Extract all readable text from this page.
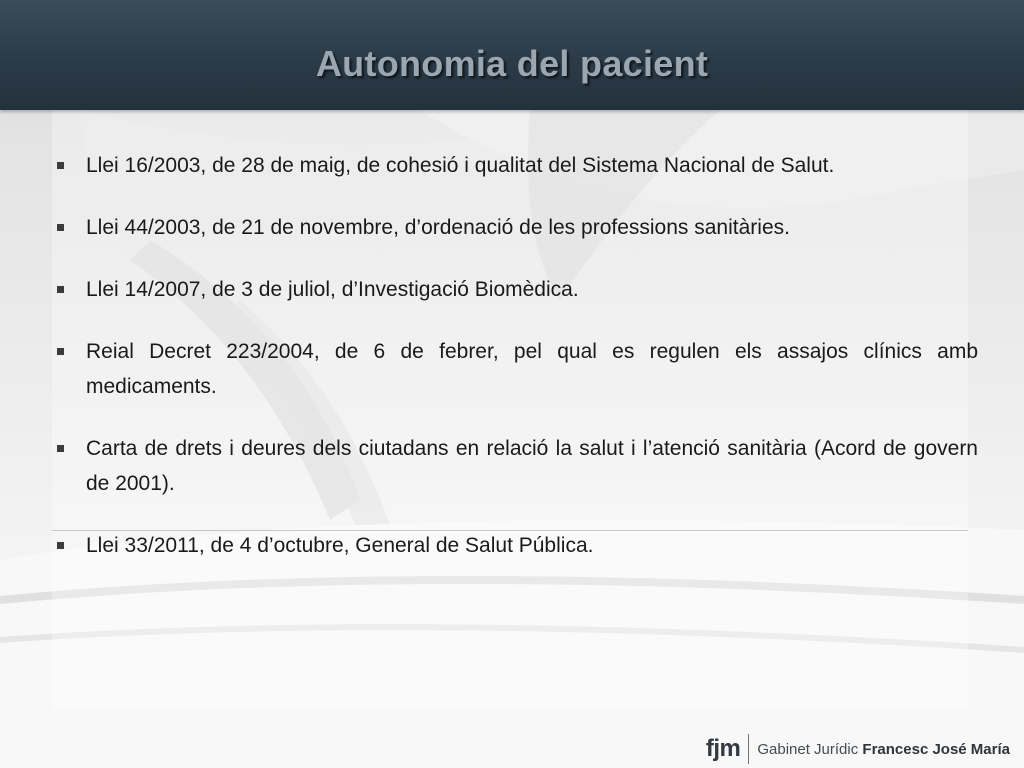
Autonomia del pacient
Llei 16/2003, de 28 de maig, de cohesió i qualitat del Sistema Nacional de Salut.
Llei 44/2003, de 21 de novembre, d’ordenació de les professions sanitàries.
Llei 14/2007, de 3 de juliol, d’Investigació Biomèdica.
Reial Decret 223/2004, de 6 de febrer, pel qual es regulen els assajos clínics amb medicaments.
Carta de drets i deures dels ciutadans en relació la salut i l’atenció sanitària (Acord de govern de 2001).
Llei 33/2011, de 4 d’octubre, General de Salut Pública.
fjm Gabinet Jurídic Francesc José María
